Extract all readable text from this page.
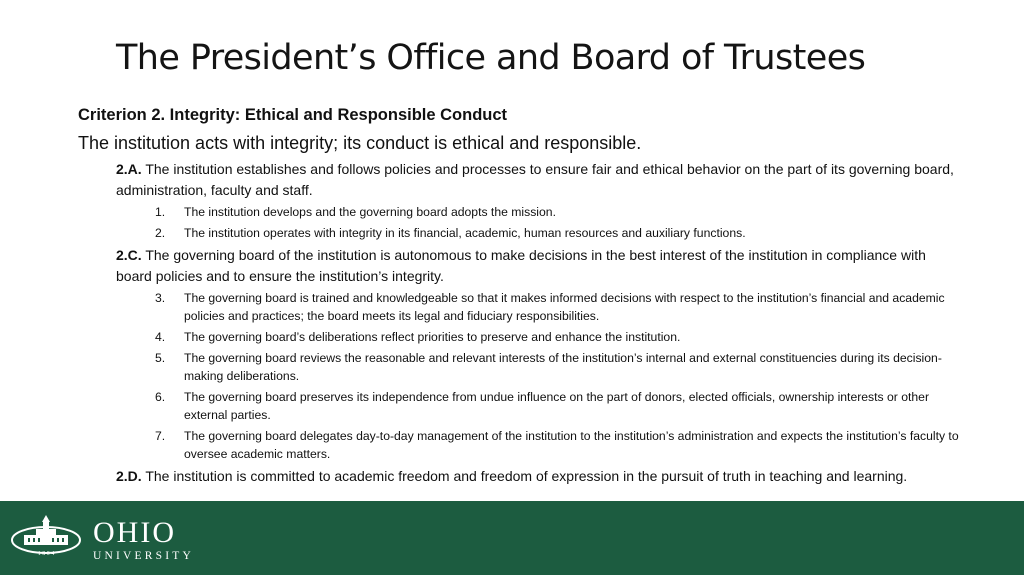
The President’s Office and Board of Trustees
Criterion 2. Integrity: Ethical and Responsible Conduct
The institution acts with integrity; its conduct is ethical and responsible.
2.A. The institution establishes and follows policies and processes to ensure fair and ethical behavior on the part of its governing board, administration, faculty and staff.
1. The institution develops and the governing board adopts the mission.
2. The institution operates with integrity in its financial, academic, human resources and auxiliary functions.
2.C. The governing board of the institution is autonomous to make decisions in the best interest of the institution in compliance with board policies and to ensure the institution’s integrity.
3. The governing board is trained and knowledgeable so that it makes informed decisions with respect to the institution’s financial and academic policies and practices; the board meets its legal and fiduciary responsibilities.
4. The governing board’s deliberations reflect priorities to preserve and enhance the institution.
5. The governing board reviews the reasonable and relevant interests of the institution’s internal and external constituencies during its decision-making deliberations.
6. The governing board preserves its independence from undue influence on the part of donors, elected officials, ownership interests or other external parties.
7. The governing board delegates day-to-day management of the institution to the institution’s administration and expects the institution’s faculty to oversee academic matters.
2.D. The institution is committed to academic freedom and freedom of expression in the pursuit of truth in teaching and learning.
1 8 0 4
OHIO
UNIVERSITY
